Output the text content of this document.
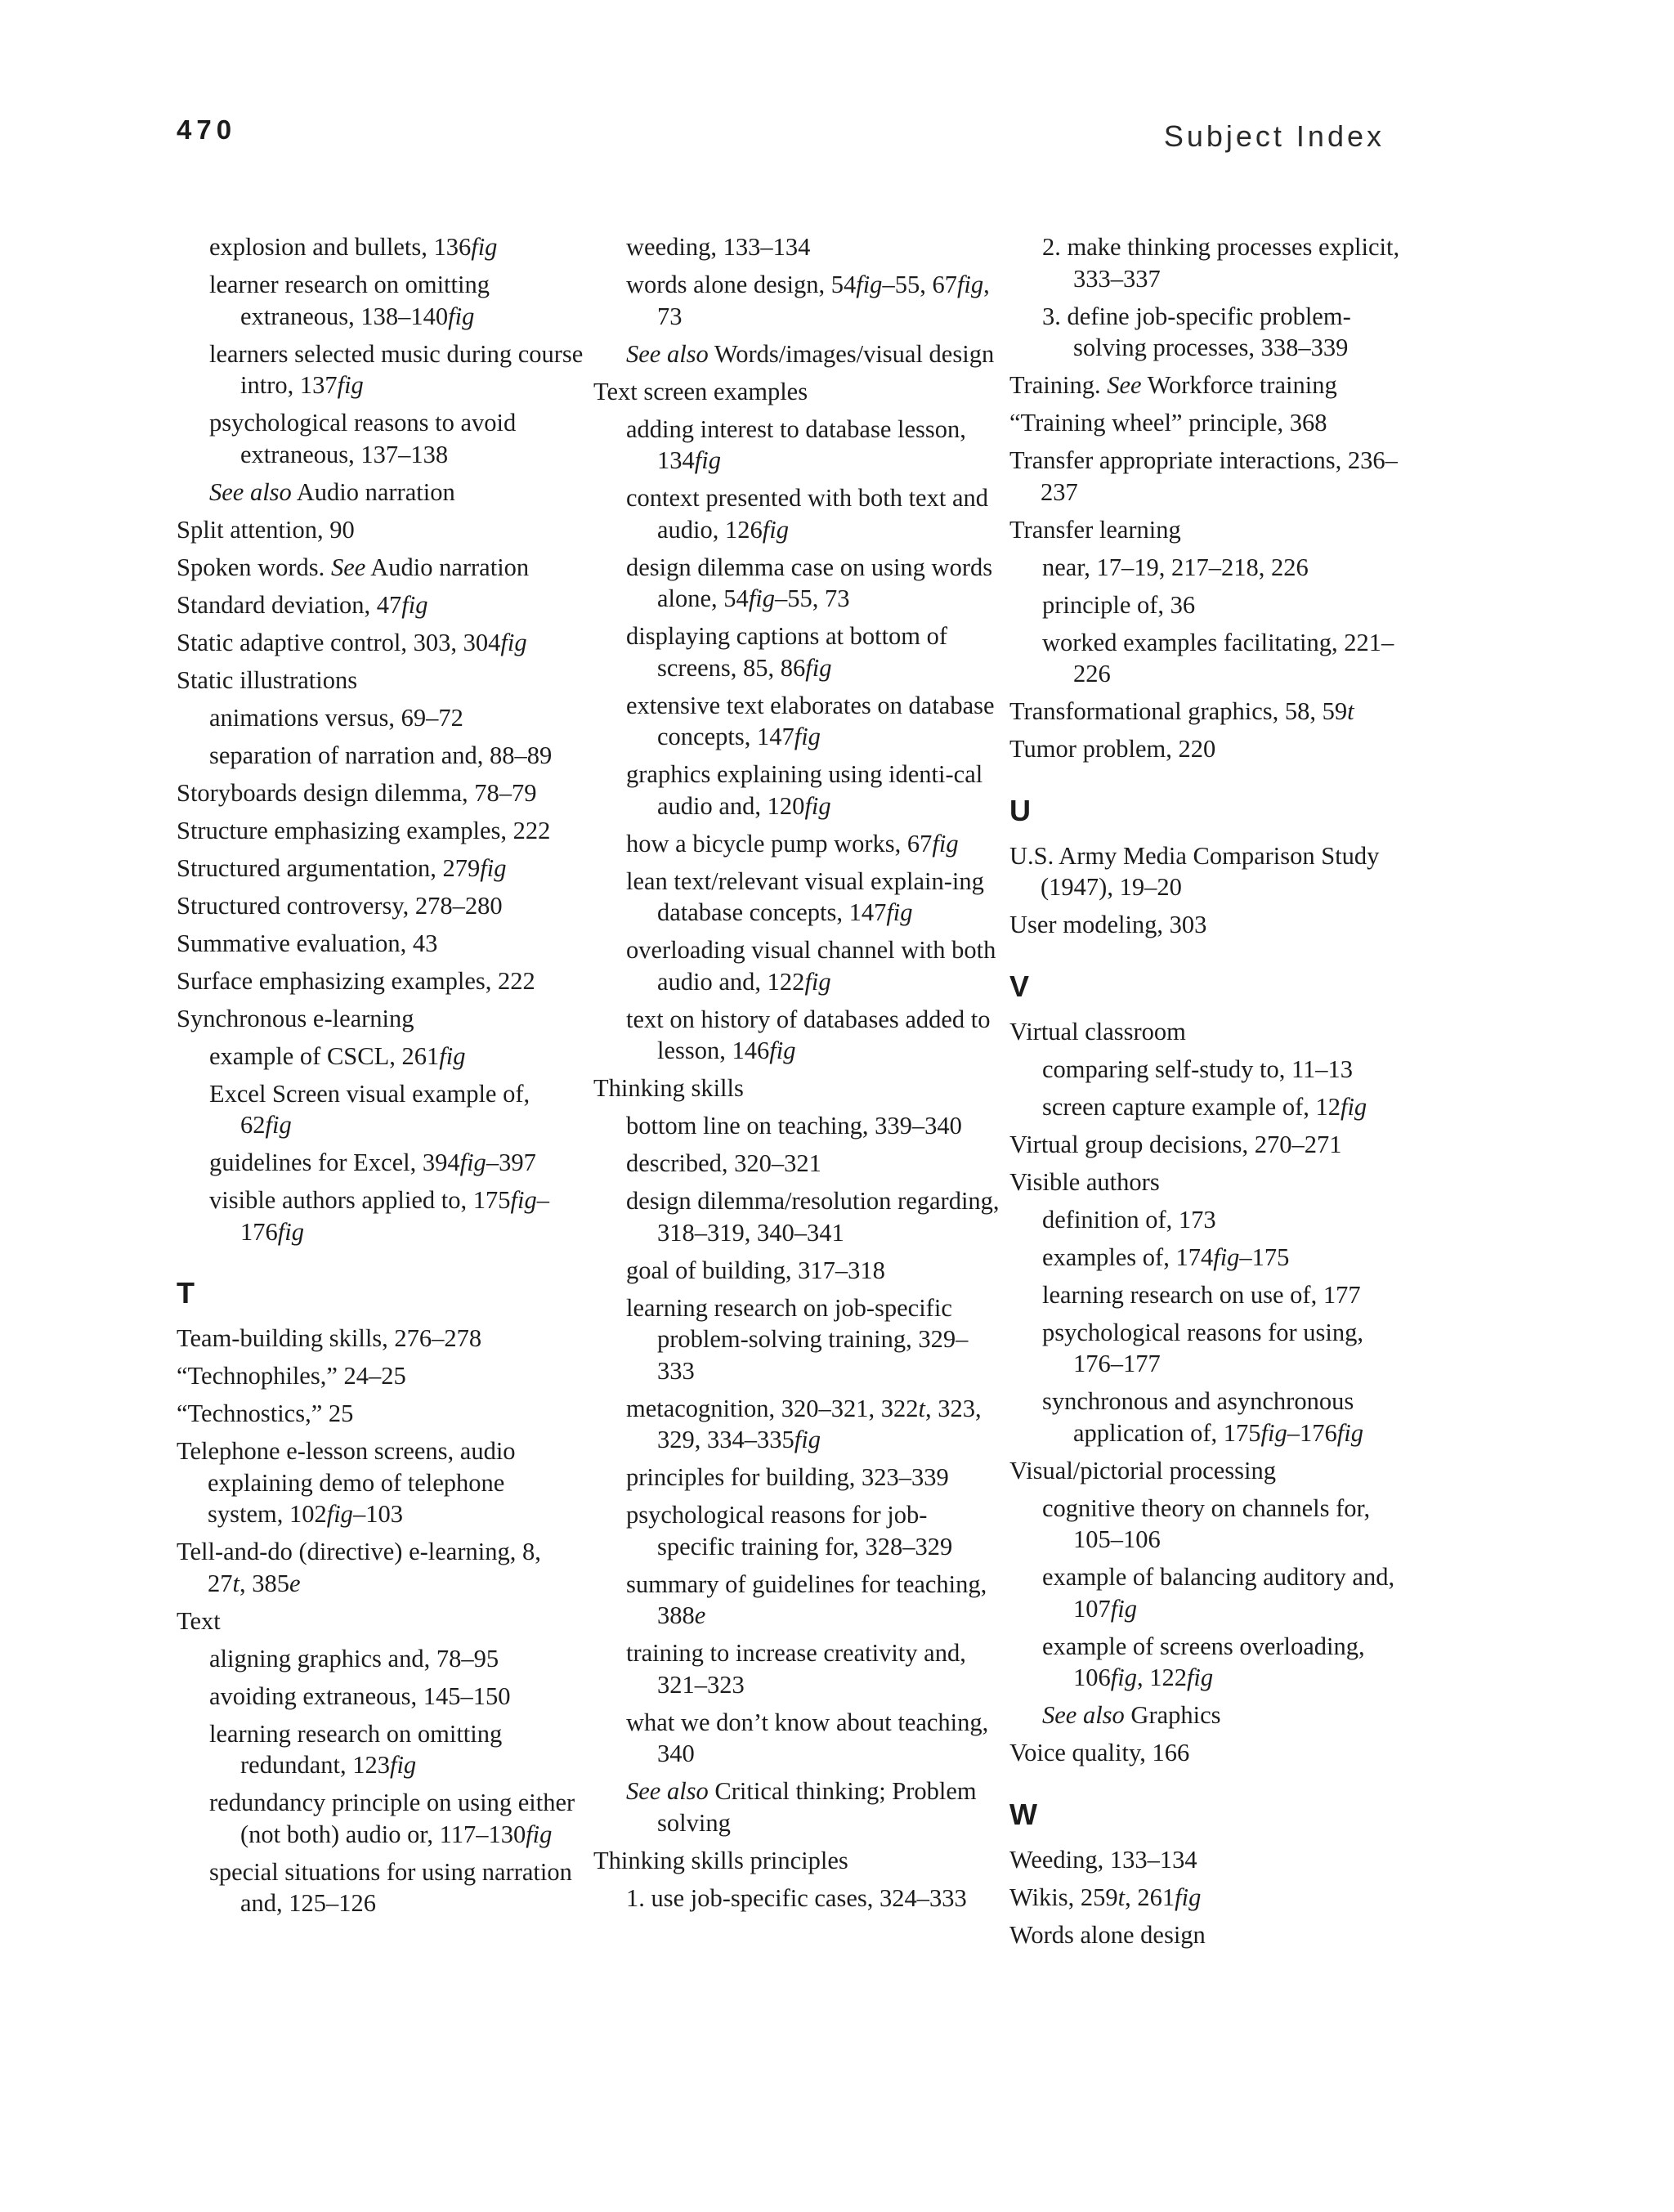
470	Subject Index
explosion and bullets, 136fig
learner research on omitting extraneous, 138–140fig
learners selected music during course intro, 137fig
psychological reasons to avoid extraneous, 137–138
See also Audio narration
Split attention, 90
Spoken words. See Audio narration
Standard deviation, 47fig
Static adaptive control, 303, 304fig
Static illustrations
animations versus, 69–72
separation of narration and, 88–89
Storyboards design dilemma, 78–79
Structure emphasizing examples, 222
Structured argumentation, 279fig
Structured controversy, 278–280
Summative evaluation, 43
Surface emphasizing examples, 222
Synchronous e-learning
example of CSCL, 261fig
Excel Screen visual example of, 62fig
guidelines for Excel, 394fig–397
visible authors applied to, 175fig–176fig
T
Team-building skills, 276–278
“Technophiles,” 24–25
“Technostics,” 25
Telephone e-lesson screens, audio explaining demo of telephone system, 102fig–103
Tell-and-do (directive) e-learning, 8, 27t, 385e
Text
aligning graphics and, 78–95
avoiding extraneous, 145–150
learning research on omitting redundant, 123fig
redundancy principle on using either (not both) audio or, 117–130fig
special situations for using narration and, 125–126
weeding, 133–134
words alone design, 54fig–55, 67fig, 73
See also Words/images/visual design
Text screen examples
adding interest to database lesson, 134fig
context presented with both text and audio, 126fig
design dilemma case on using words alone, 54fig–55, 73
displaying captions at bottom of screens, 85, 86fig
extensive text elaborates on database concepts, 147fig
graphics explaining using identi-cal audio and, 120fig
how a bicycle pump works, 67fig
lean text/relevant visual explain-ing database concepts, 147fig
overloading visual channel with both audio and, 122fig
text on history of databases added to lesson, 146fig
Thinking skills
bottom line on teaching, 339–340
described, 320–321
design dilemma/resolution regarding, 318–319, 340–341
goal of building, 317–318
learning research on job-specific problem-solving training, 329–333
metacognition, 320–321, 322t, 323, 329, 334–335fig
principles for building, 323–339
psychological reasons for job-specific training for, 328–329
summary of guidelines for teaching, 388e
training to increase creativity and, 321–323
what we don’t know about teaching, 340
See also Critical thinking; Problem solving
Thinking skills principles
1. use job-specific cases, 324–333
2. make thinking processes explicit, 333–337
3. define job-specific problem-solving processes, 338–339
Training. See Workforce training
“Training wheel” principle, 368
Transfer appropriate interactions, 236–237
Transfer learning
near, 17–19, 217–218, 226
principle of, 36
worked examples facilitating, 221–226
Transformational graphics, 58, 59t
Tumor problem, 220
U
U.S. Army Media Comparison Study (1947), 19–20
User modeling, 303
V
Virtual classroom
comparing self-study to, 11–13
screen capture example of, 12fig
Virtual group decisions, 270–271
Visible authors
definition of, 173
examples of, 174fig–175
learning research on use of, 177
psychological reasons for using, 176–177
synchronous and asynchronous application of, 175fig–176fig
Visual/pictorial processing
cognitive theory on channels for, 105–106
example of balancing auditory and, 107fig
example of screens overloading, 106fig, 122fig
See also Graphics
Voice quality, 166
W
Weeding, 133–134
Wikis, 259t, 261fig
Words alone design
